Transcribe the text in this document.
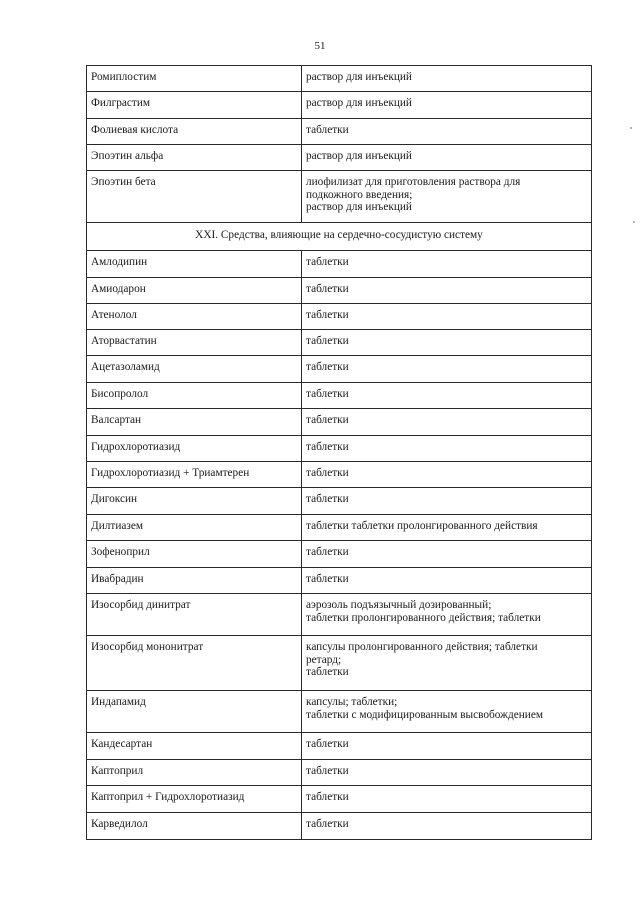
51
Ромиплостим	раствор для инъекций

Филграстим	раствор для инъекций

Фолиевая кислота	таблетки

Эпоэтин альфа	раствор для инъекций

Эпоэтин бета	лиофилизат для приготовления раствора для
подкожного введения;
раствор для инъекций

XXI. Средства, влияющие на сердечно-сосудистую систему	
Амлодипин	таблетки

Амиодарон	таблетки

Атенолол	таблетки

Аторвастатин	таблетки

Ацетазоламид	таблетки

Бисопролол	таблетки

Валсартан	таблетки

Гидрохлоротиазид	таблетки

Гидрохлоротиазид + Триамтерен	таблетки

Дигоксин	таблетки

Дилтиазем	таблетки таблетки пролонгированного действия

Зофеноприл	таблетки

Ивабрадин	таблетки

Изосорбид динитрат	аэрозоль подъязычный дозированный;
таблетки пролонгированного действия; таблетки

Изосорбид мононитрат	капсулы пролонгированного действия; таблетки
ретард;
таблетки

Индапамид	капсулы; таблетки;
таблетки с модифицированным высвобождением

Кандесартан	таблетки

Каптоприл	таблетки

Каптоприл + Гидрохлоротиазид	таблетки

Карведилол	таблетки
